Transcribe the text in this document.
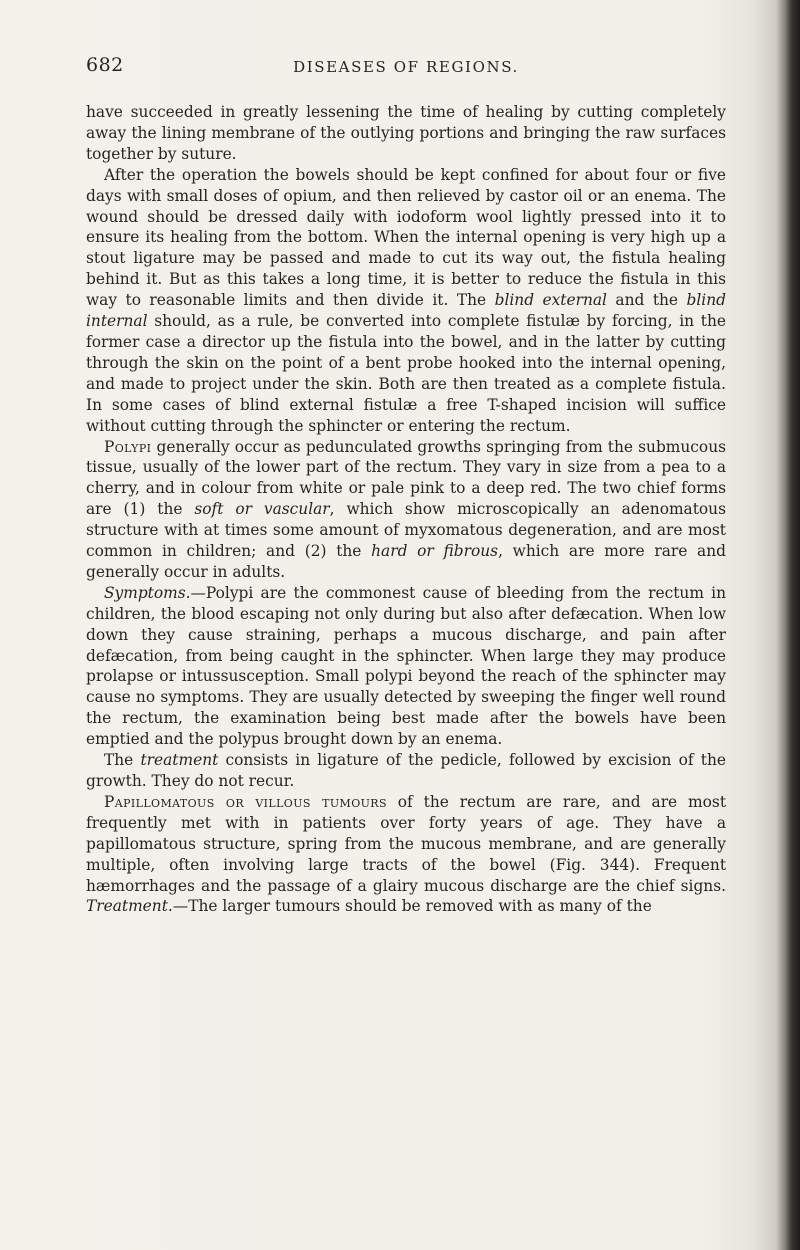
682	DISEASES OF REGIONS.

have succeeded in greatly lessening the time of healing by cutting completely away the lining membrane of the outlying portions and bringing the raw surfaces together by suture.

After the operation the bowels should be kept confined for about four or five days with small doses of opium, and then relieved by castor oil or an enema. The wound should be dressed daily with iodoform wool lightly pressed into it to ensure its healing from the bottom. When the internal opening is very high up a stout ligature may be passed and made to cut its way out, the fistula healing behind it. But as this takes a long time, it is better to reduce the fistula in this way to reasonable limits and then divide it. The blind external and the blind internal should, as a rule, be converted into complete fistulæ by forcing, in the former case a director up the fistula into the bowel, and in the latter by cutting through the skin on the point of a bent probe hooked into the internal opening, and made to project under the skin. Both are then treated as a complete fistula. In some cases of blind external fistulæ a free T-shaped incision will suffice without cutting through the sphincter or entering the rectum.

Polypi generally occur as pedunculated growths springing from the submucous tissue, usually of the lower part of the rectum. They vary in size from a pea to a cherry, and in colour from white or pale pink to a deep red. The two chief forms are (1) the soft or vascular, which show microscopically an adenomatous structure with at times some amount of myxomatous degeneration, and are most common in children; and (2) the hard or fibrous, which are more rare and generally occur in adults.

Symptoms.—Polypi are the commonest cause of bleeding from the rectum in children, the blood escaping not only during but also after defæcation. When low down they cause straining, perhaps a mucous discharge, and pain after defæcation, from being caught in the sphincter. When large they may produce prolapse or intussusception. Small polypi beyond the reach of the sphincter may cause no symptoms. They are usually detected by sweeping the finger well round the rectum, the examination being best made after the bowels have been emptied and the polypus brought down by an enema.

The treatment consists in ligature of the pedicle, followed by excision of the growth. They do not recur.

Papillomatous or villous tumours of the rectum are rare, and are most frequently met with in patients over forty years of age. They have a papillomatous structure, spring from the mucous membrane, and are generally multiple, often involving large tracts of the bowel (Fig. 344). Frequent hæmorrhages and the passage of a glairy mucous discharge are the chief signs. Treatment.—The larger tumours should be removed with as many of the
